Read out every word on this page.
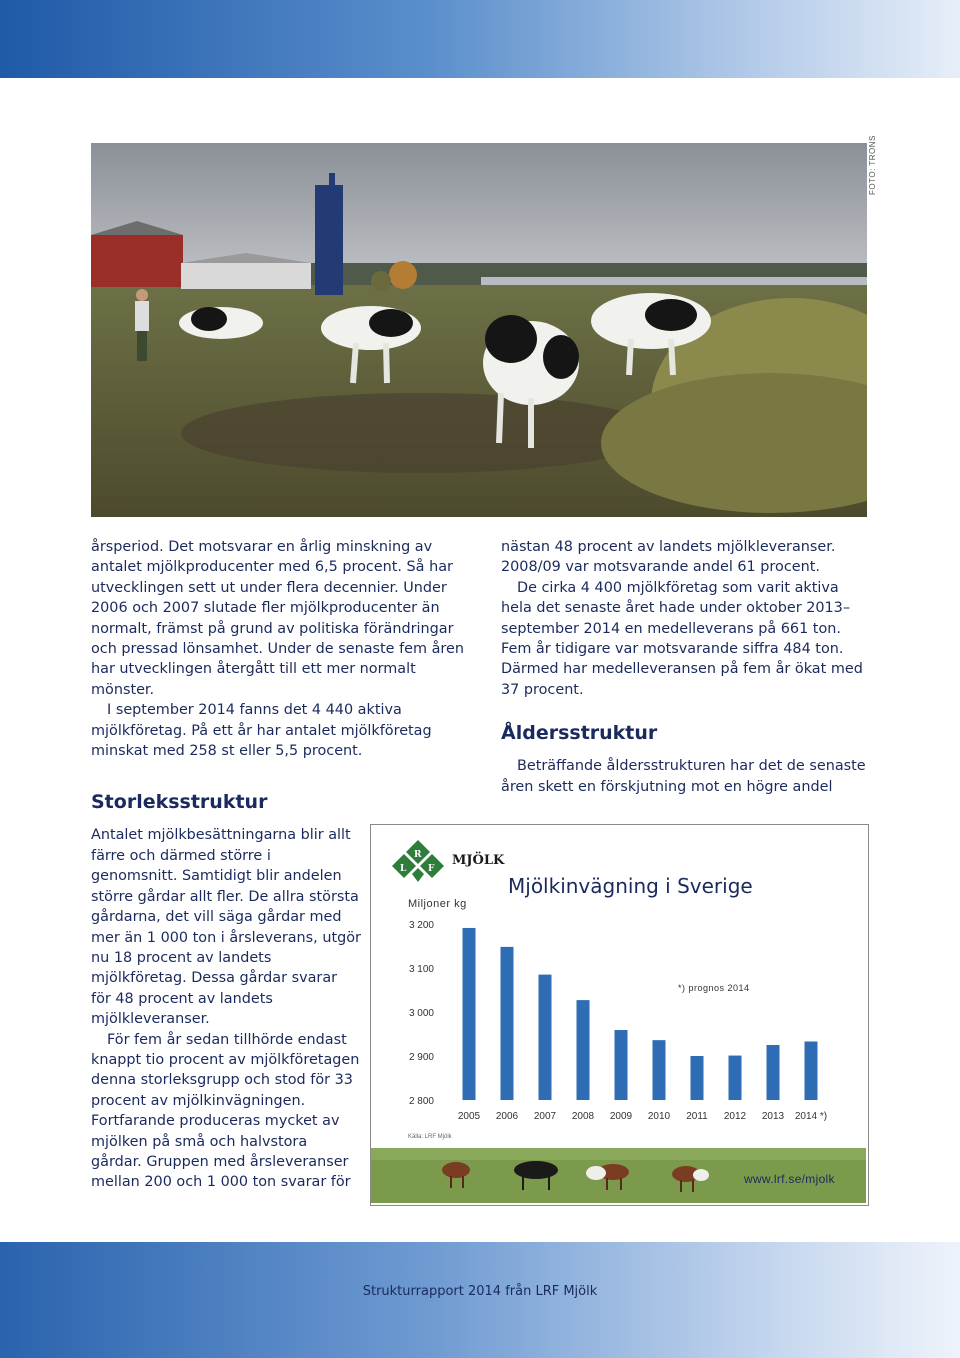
FOTO: TRONS

årsperiod. Det motsvarar en årlig minskning av antalet mjölkproducenter med 6,5 procent. Så har utvecklingen sett ut under flera decennier. Under 2006 och 2007 slutade fler mjölkproducenter än normalt, främst på grund av politiska förändringar och pressad lönsamhet. Under de senaste fem åren har utvecklingen återgått till ett mer normalt mönster.

I september 2014 fanns det 4 440 aktiva mjölkföretag. På ett år har antalet mjölkföretag minskat med 258 st eller 5,5 procent.

Storleksstruktur

Antalet mjölkbesättningarna blir allt färre och därmed större i genomsnitt. Samtidigt blir andelen större gårdar allt fler. De allra största gårdarna, det vill säga gårdar med mer än 1 000 ton i årsleverans, utgör nu 18 procent av landets mjölkföretag. Dessa gårdar svarar för 48 procent av landets mjölkleveranser.

För fem år sedan tillhörde endast knappt tio procent av mjölkföretagen denna storleksgrupp och stod för 33 procent av mjölkinvägningen. Fortfarande produceras mycket av mjölken på små och halvstora gårdar. Gruppen med årsleveranser mellan 200 och 1 000 ton svarar för

nästan 48 procent av landets mjölkleveranser. 2008/09 var motsvarande andel 61 procent.

De cirka 4 400 mjölkföretag som varit aktiva hela det senaste året hade under oktober 2013–september 2014 en medelleverans på 661 ton. Fem år tidigare var motsvarande siffra 484 ton. Därmed har medelleveransen på fem år ökat med 37 procent.

Åldersstruktur

Beträffande åldersstrukturen har det de senaste åren skett en förskjutning mot en högre andel

3 200
3 100
3 000
2 900
2 800
2005 2006 2007 2008 2009 2010 2011 2012 2013 2014 *)
R
L F
MJÖLK
Mjölkinvägning i Sverige
Miljoner kg
*) prognos 2014
Källa: LRF Mjölk
www.lrf.se/mjolk
Strukturrapport 2014 från LRF Mjölk
